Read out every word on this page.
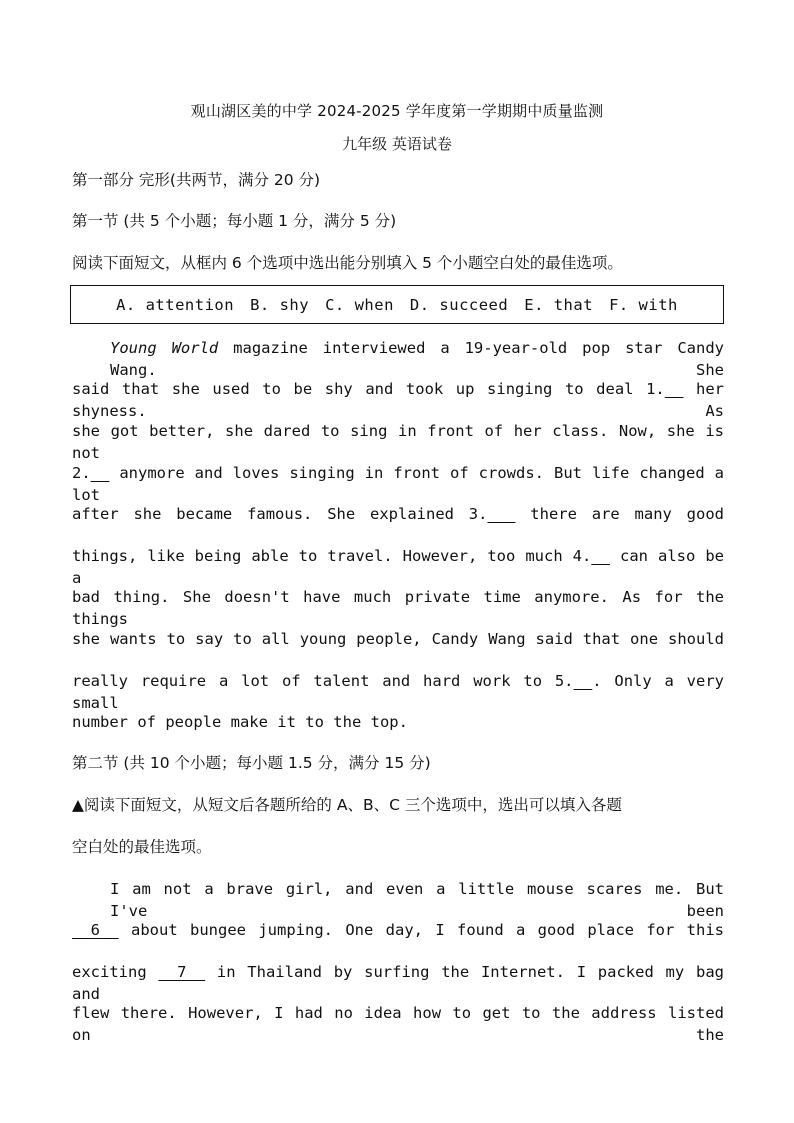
观山湖区美的中学 2024-2025 学年度第一学期期中质量监测
九年级 英语试卷
第一部分 完形(共两节，满分 20 分)
第一节 (共 5 个小题；每小题 1 分，满分 5 分)
阅读下面短文，从框内 6 个选项中选出能分别填入 5 个小题空白处的最佳选项。
A. attention B. shy C. when D. succeed E. that F. with
Young World magazine interviewed a 19-year-old pop star Candy Wang. She
said that she used to be shy and took up singing to deal 1.__ her shyness. As
she got better, she dared to sing in front of her class. Now, she is not
2.__ anymore and loves singing in front of crowds. But life changed a lot
after she became famous. She explained 3.___ there are many good
things, like being able to travel. However, too much 4.__ can also be a
bad thing. She doesn't have much private time anymore. As for the things
she wants to say to all young people, Candy Wang said that one should
really require a lot of talent and hard work to 5.__. Only a very small
number of people make it to the top.
第二节 (共 10 个小题；每小题 1.5 分，满分 15 分)
▲阅读下面短文，从短文后各题所给的 A、B、C 三个选项中，选出可以填入各题
空白处的最佳选项。
I am not a brave girl, and even a little mouse scares me. But I've been
__6__ about bungee jumping. One day, I found a good place for this
exciting __7__ in Thailand by surfing the Internet. I packed my bag and
flew there. However, I had no idea how to get to the address listed on the
